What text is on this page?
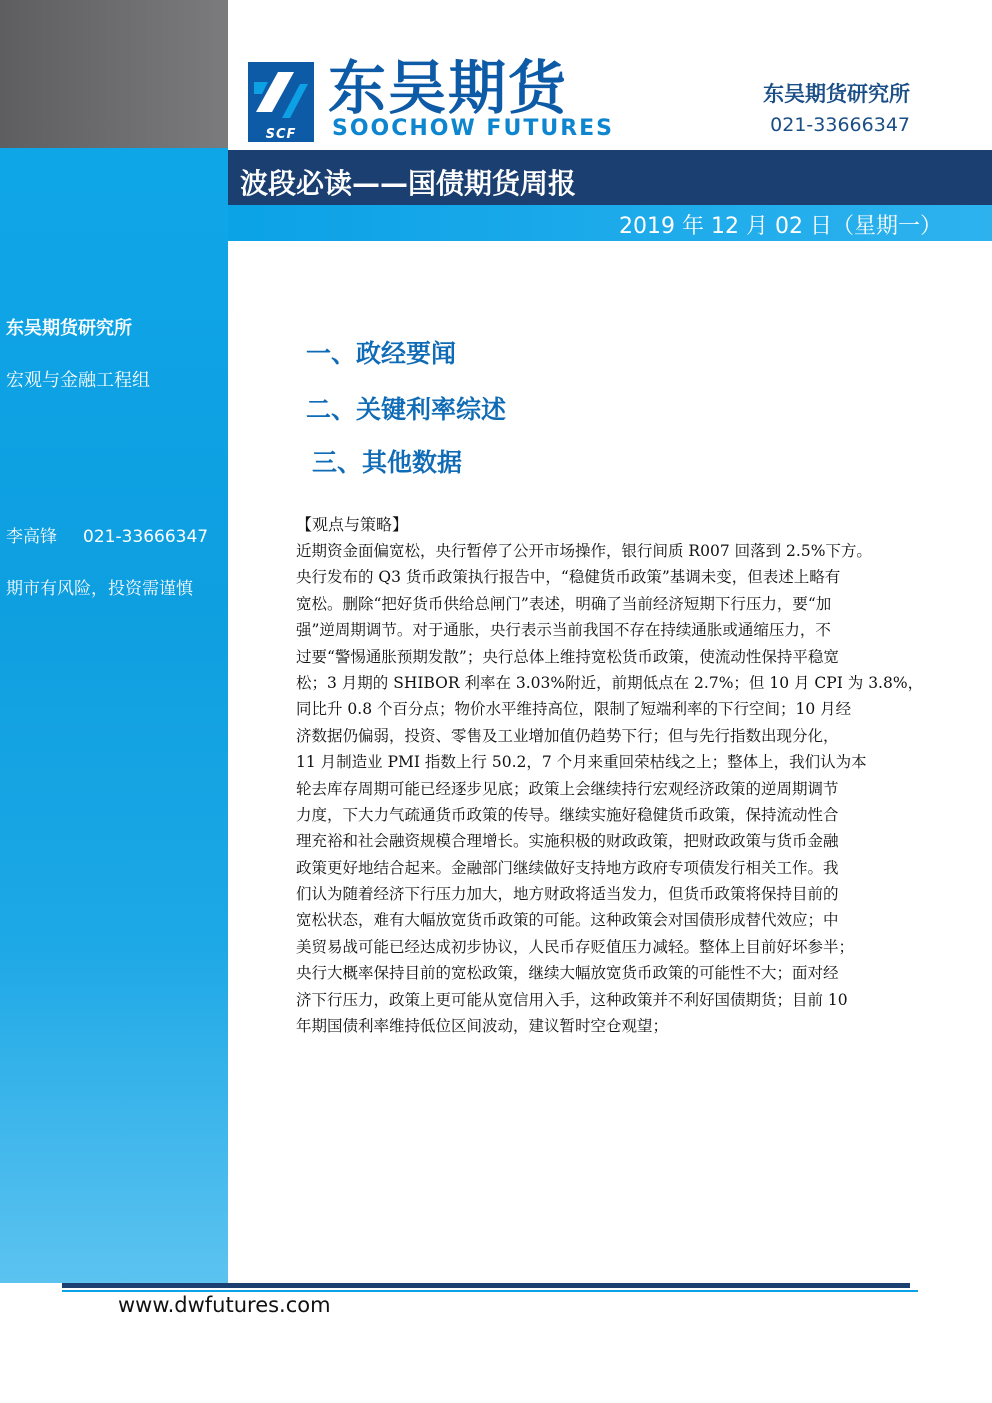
SCF
东吴期货
SOOCHOW FUTURES
东吴期货研究所
021-33666347
波段必读——国债期货周报
2019 年 12 月 02 日（星期一）
东吴期货研究所
宏观与金融工程组
李高锋 021-33666347
期市有风险，投资需谨慎
一、政经要闻
二、关键利率综述
三、其他数据
【观点与策略】
近期资金面偏宽松，央行暂停了公开市场操作，银行间质 R007 回落到 2.5%下方。
央行发布的 Q3 货币政策执行报告中，“稳健货币政策”基调未变，但表述上略有
宽松。删除“把好货币供给总闸门”表述，明确了当前经济短期下行压力，要“加
强”逆周期调节。对于通胀，央行表示当前我国不存在持续通胀或通缩压力，不
过要“警惕通胀预期发散”；央行总体上维持宽松货币政策，使流动性保持平稳宽
松；3 月期的 SHIBOR 利率在 3.03%附近，前期低点在 2.7%；但 10 月 CPI 为 3.8%，
同比升 0.8 个百分点；物价水平维持高位，限制了短端利率的下行空间；10 月经
济数据仍偏弱，投资、零售及工业增加值仍趋势下行；但与先行指数出现分化，
11 月制造业 PMI 指数上行 50.2，7 个月来重回荣枯线之上；整体上，我们认为本
轮去库存周期可能已经逐步见底；政策上会继续持行宏观经济政策的逆周期调节
力度，下大力气疏通货币政策的传导。继续实施好稳健货币政策，保持流动性合
理充裕和社会融资规模合理增长。实施积极的财政政策，把财政政策与货币金融
政策更好地结合起来。金融部门继续做好支持地方政府专项债发行相关工作。我
们认为随着经济下行压力加大，地方财政将适当发力，但货币政策将保持目前的
宽松状态，难有大幅放宽货币政策的可能。这种政策会对国债形成替代效应；中
美贸易战可能已经达成初步协议，人民币存贬值压力减轻。整体上目前好坏参半；
央行大概率保持目前的宽松政策，继续大幅放宽货币政策的可能性不大；面对经
济下行压力，政策上更可能从宽信用入手，这种政策并不利好国债期货；目前 10
年期国债利率维持低位区间波动，建议暂时空仓观望；
www.dwfutures.com
